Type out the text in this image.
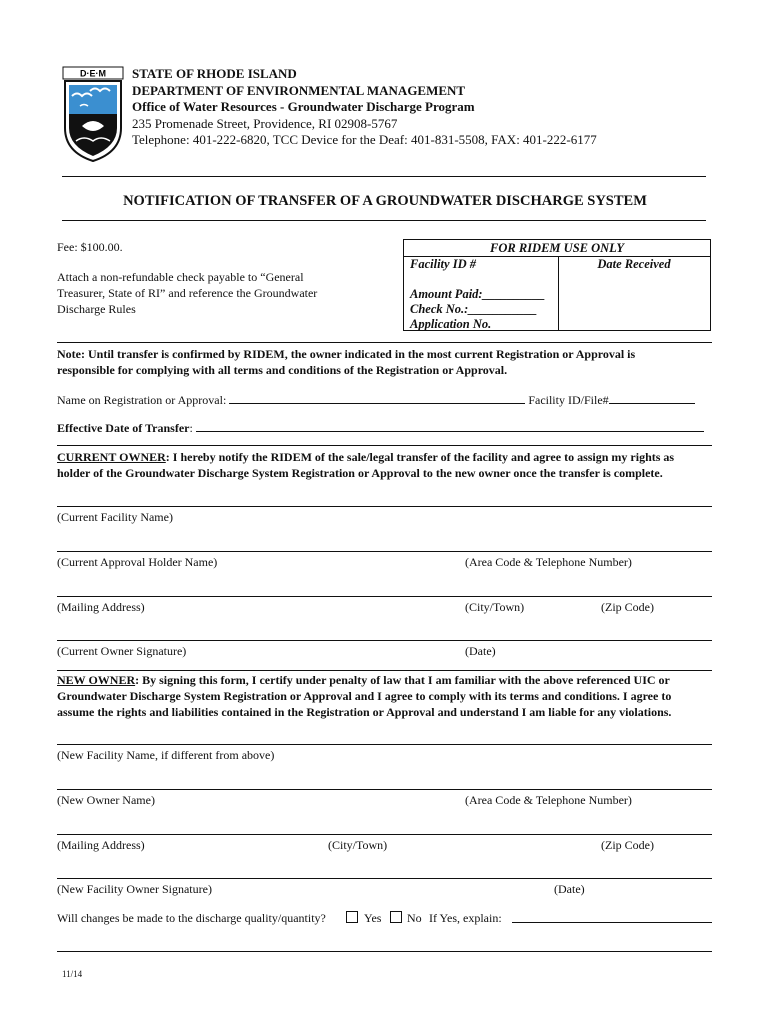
D·E·M STATE OF RHODE ISLAND
DEPARTMENT OF ENVIRONMENTAL MANAGEMENT
Office of Water Resources - Groundwater Discharge Program
235 Promenade Street, Providence, RI 02908-5767
Telephone: 401-222-6820, TCC Device for the Deaf: 401-831-5508, FAX: 401-222-6177
NOTIFICATION OF TRANSFER OF A GROUNDWATER DISCHARGE SYSTEM
Fee: $100.00.
Attach a non-refundable check payable to “General
Treasurer, State of RI” and reference the Groundwater
Discharge Rules
FOR RIDEM USE ONLY
Facility ID #	Date Received
Amount Paid:__________
Check No.:___________
Application No.
Note: Until transfer is confirmed by RIDEM, the owner indicated in the most current Registration or Approval is
responsible for complying with all terms and conditions of the Registration or Approval.
Name on Registration or Approval:	Facility ID/File#
Effective Date of Transfer:
CURRENT OWNER: I hereby notify the RIDEM of the sale/legal transfer of the facility and agree to assign my rights as
holder of the Groundwater Discharge System Registration or Approval to the new owner once the transfer is complete.
(Current Facility Name)
(Current Approval Holder Name)	(Area Code & Telephone Number)
(Mailing Address)	(City/Town)	(Zip Code)
(Current Owner Signature)	(Date)
NEW OWNER: By signing this form, I certify under penalty of law that I am familiar with the above referenced UIC or
Groundwater Discharge System Registration or Approval and I agree to comply with its terms and conditions. I agree to
assume the rights and liabilities contained in the Registration or Approval and understand I am liable for any violations.
(New Facility Name, if different from above)
(New Owner Name)	(Area Code & Telephone Number)
(Mailing Address)	(City/Town)	(Zip Code)
(New Facility Owner Signature)	(Date)
Will changes be made to the discharge quality/quantity?	Yes No If Yes, explain:
11/14
